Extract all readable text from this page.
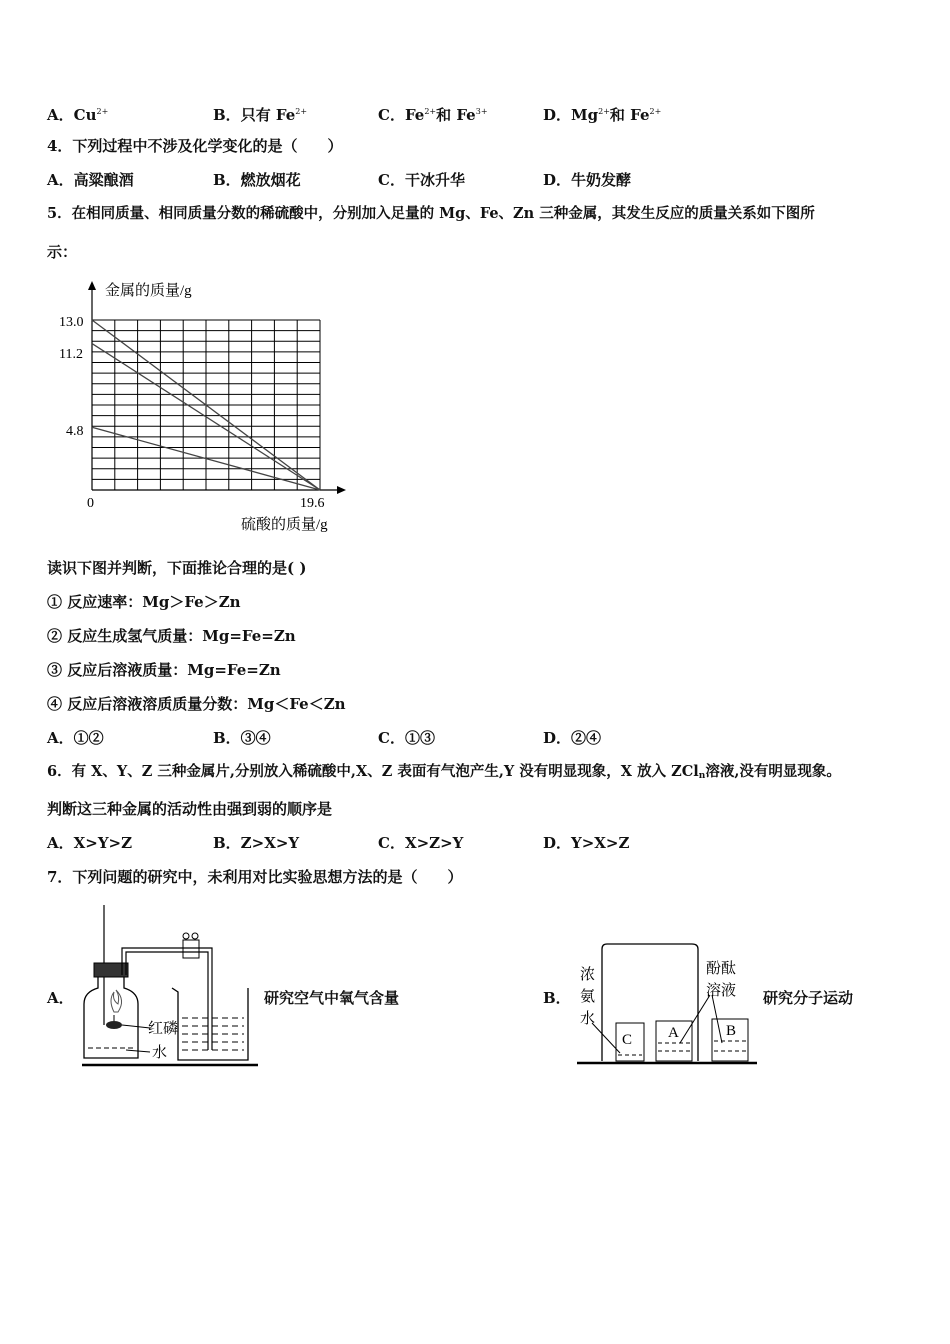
A．$Cu^{2+}$	B．只有 $Fe^{2+}$	C．$Fe^{2+}$和 $Fe^{3+}$	D．$Mg^{2+}$和 $Fe^{2+}$
4．下列过程中不涉及化学变化的是（　　）
A．高粱酿酒	B．燃放烟花	C．干冰升华	D．牛奶发酵
5．在相同质量、相同质量分数的稀硫酸中，分别加入足量的 Mg、Fe、Zn 三种金属，其发生反应的质量关系如下图所
示：
金属的质量/g
硫酸的质量/g
0	19.6
13.0
11.2
4.8
读识下图并判断，下面推论合理的是( )
① 反应速率：Mg＞Fe＞Zn
② 反应生成氢气质量：Mg=Fe=Zn
③ 反应后溶液质量：Mg=Fe=Zn
④ 反应后溶液溶质质量分数：Mg＜Fe＜Zn
A．①②	B．③④	C．①③	D．②④
6．有 X、Y、Z 三种金属片,分别放入稀硫酸中,X、Z 表面有气泡产生,Y 没有明显现象，X 放入 ZCl$_n$溶液,没有明显现象。
判断这三种金属的活动性由强到弱的顺序是
A．X>Y>Z	B．Z>X>Y	C．X>Z>Y	D．Y>X>Z
7．下列问题的研究中，未利用对比实验思想方法的是（　　）
A．	研究空气中氧气含量
红磷
水
B．	研究分子运动
C A	B
浓
氨
水
酚酞
溶液
